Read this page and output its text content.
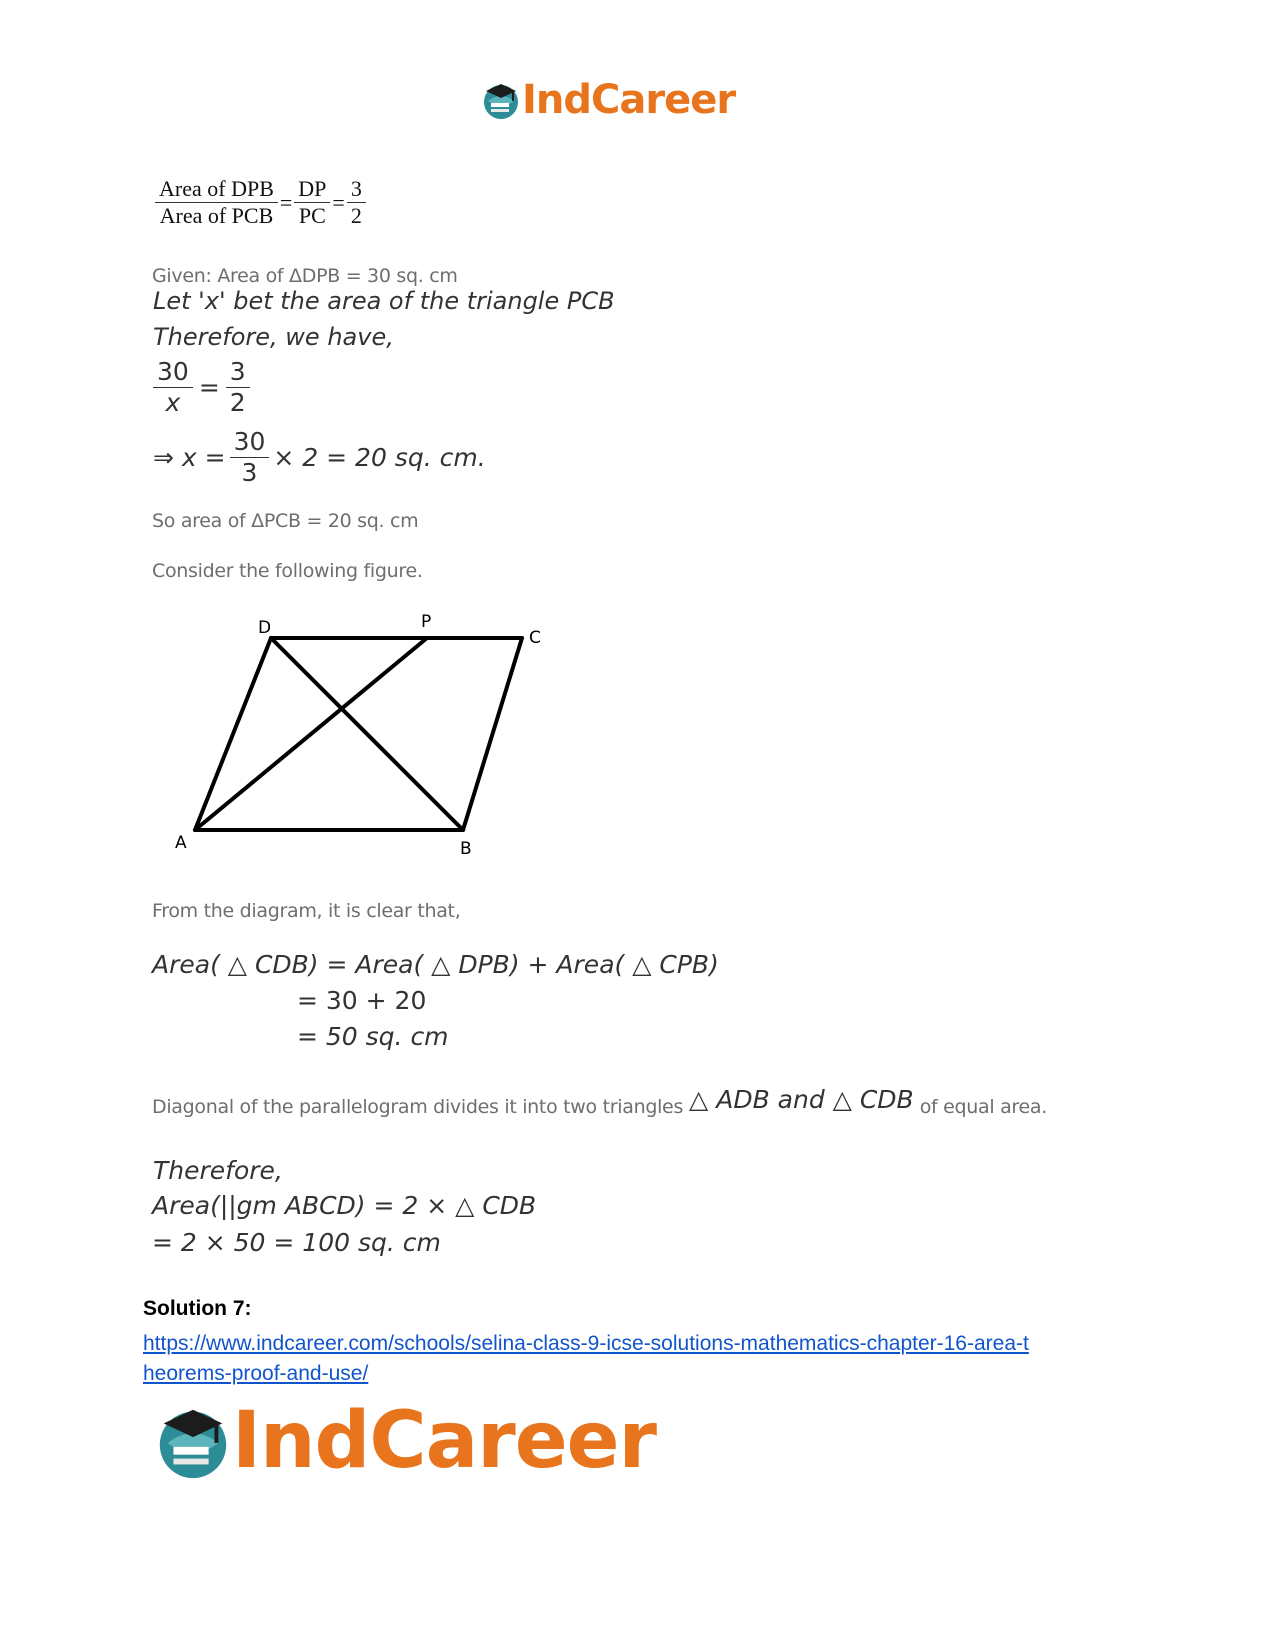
IndCareer
$\frac{\text{Area of DPB}}{\text{Area of PCB}} = \frac{DP}{PC} = \frac{3}{2}$
Given: Area of ΔDPB = 30 sq. cm
Let 'x' bet the area of the triangle PCB
Therefore, we have,
$\frac{30}{x} = \frac{3}{2}$
⇒ $x = \frac{30}{3} \times 2 = 20$ sq. cm.
So area of ΔPCB = 20 sq. cm
Consider the following figure.
D	P
C
A	B
From the diagram, it is clear that,
Area( △ CDB) = Area( △ DPB) + Area( △ CPB)
= 30 + 20
= 50 sq. cm
Diagonal of the parallelogram divides it into two triangles △ ADB and △ CDB of equal area.
Therefore,
Area(||gm ABCD) = 2 × △ CDB
= 2 × 50 = 100 sq. cm
Solution 7:
https://www.indcareer.com/schools/selina-class-9-icse-solutions-mathematics-chapter-16-area-t
heorems-proof-and-use/
IndCareer
